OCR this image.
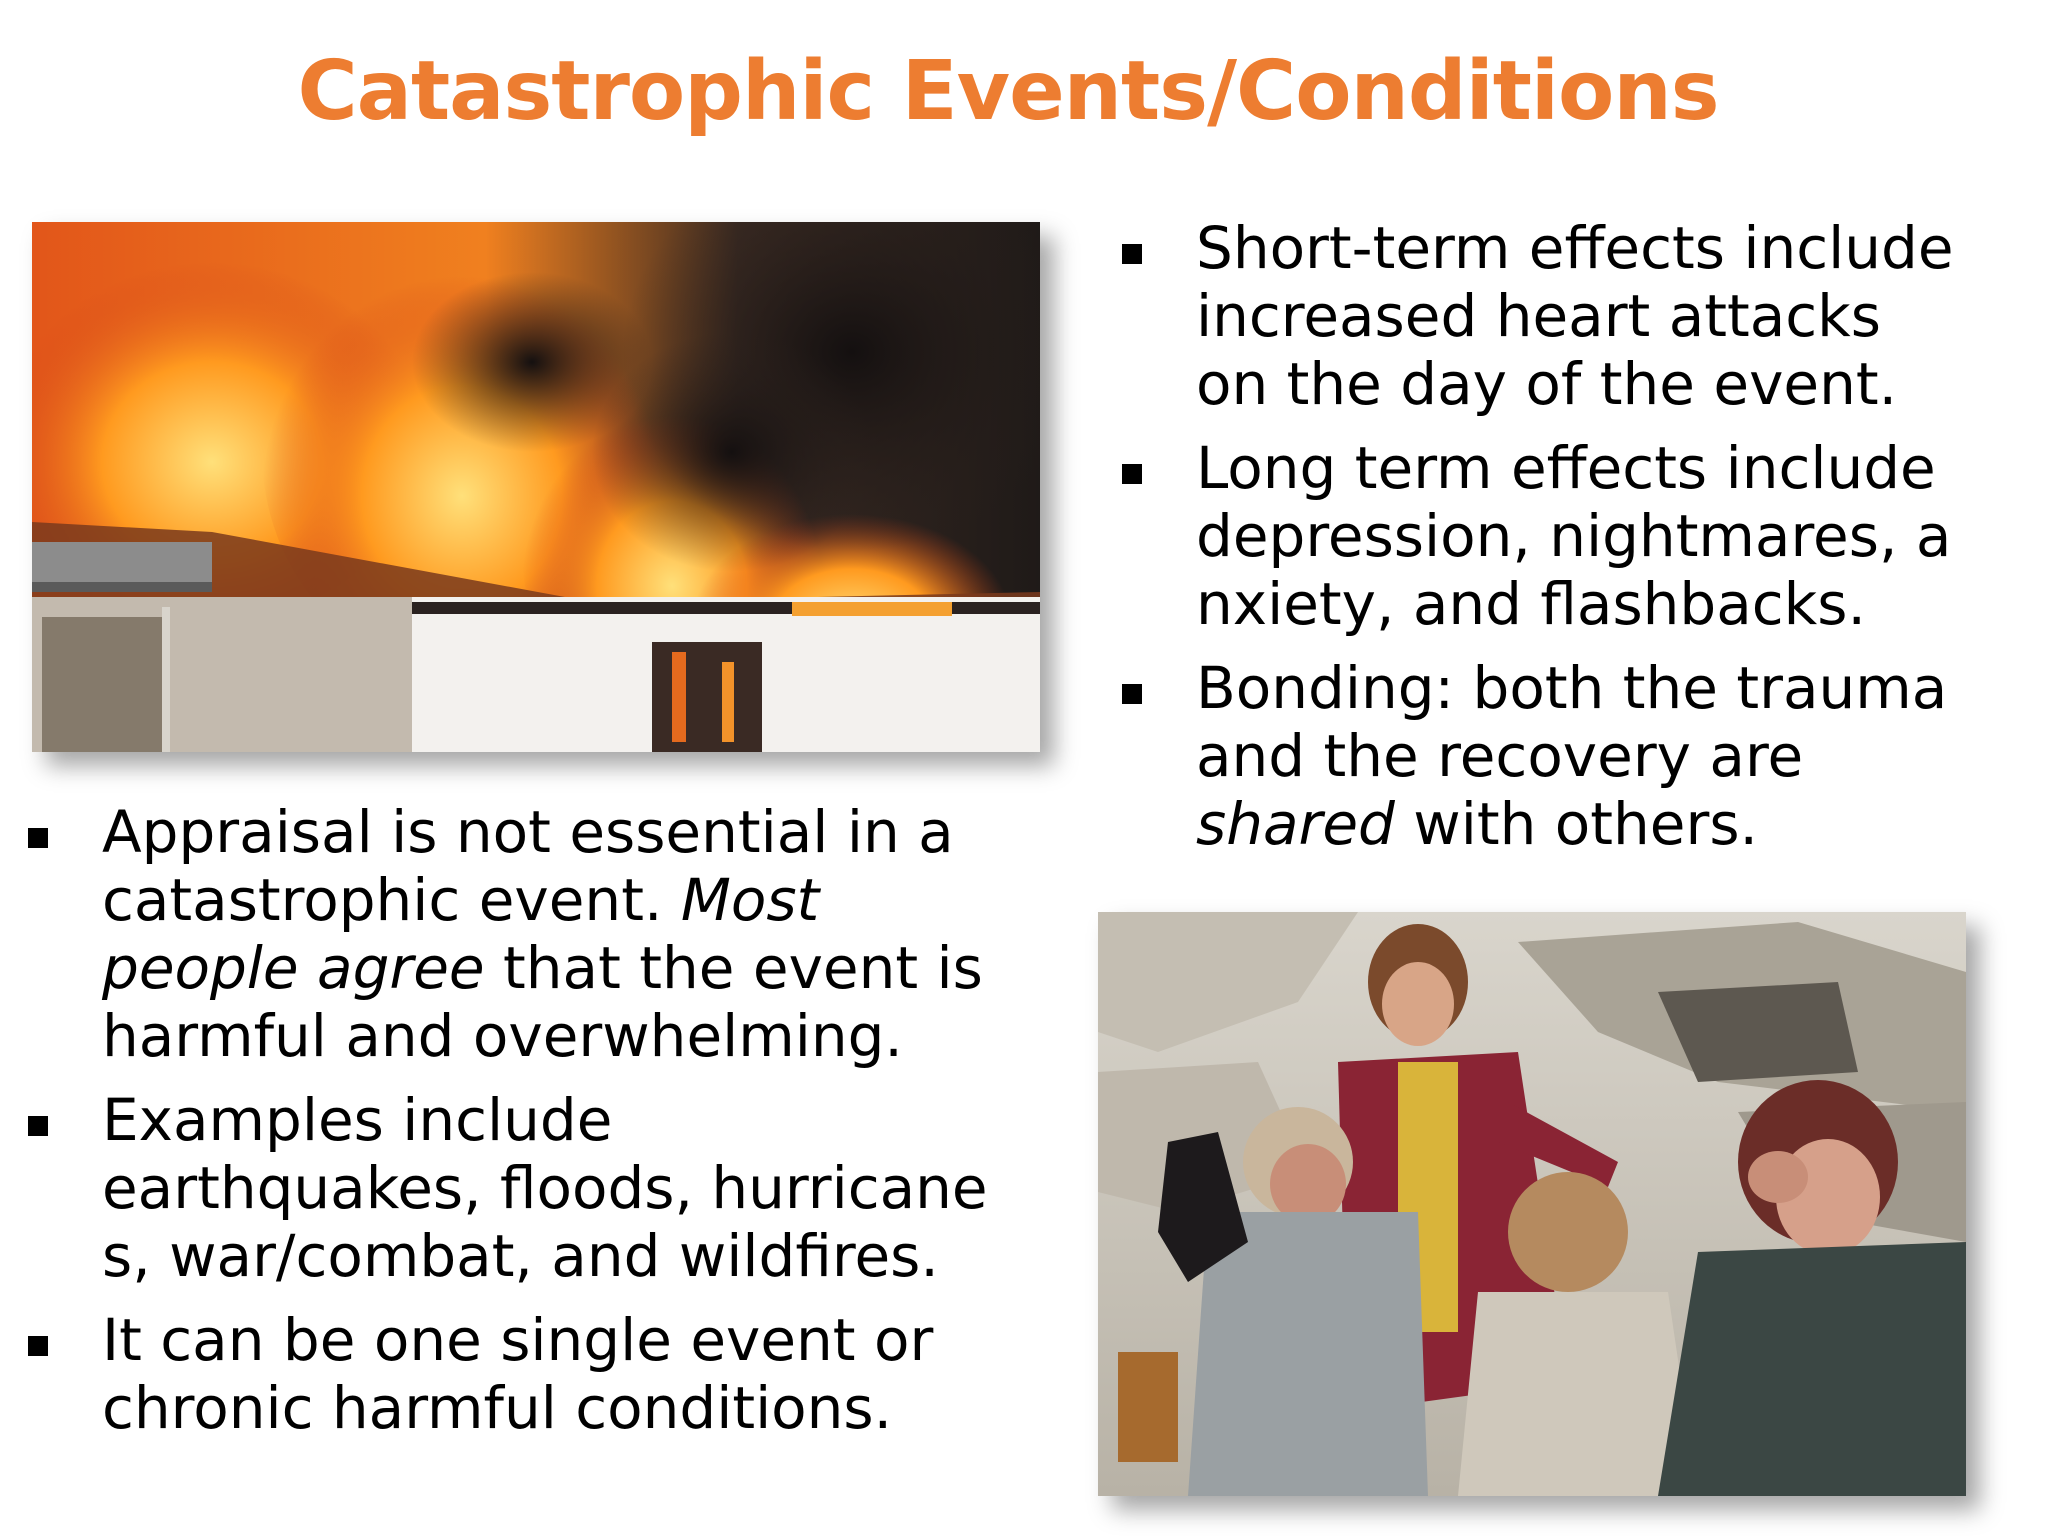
Catastrophic Events/Conditions
Short-term effects include
increased heart attacks
on the day of the event.
Long term effects include
depression, nightmares, a
nxiety, and flashbacks.
Bonding: both the trauma
and the recovery are
shared with others.
Appraisal is not essential in a
catastrophic event. Most
people agree that the event is
harmful and overwhelming.
Examples include
earthquakes, floods, hurricane
s, war/combat, and wildfires.
It can be one single event or
chronic harmful conditions.
